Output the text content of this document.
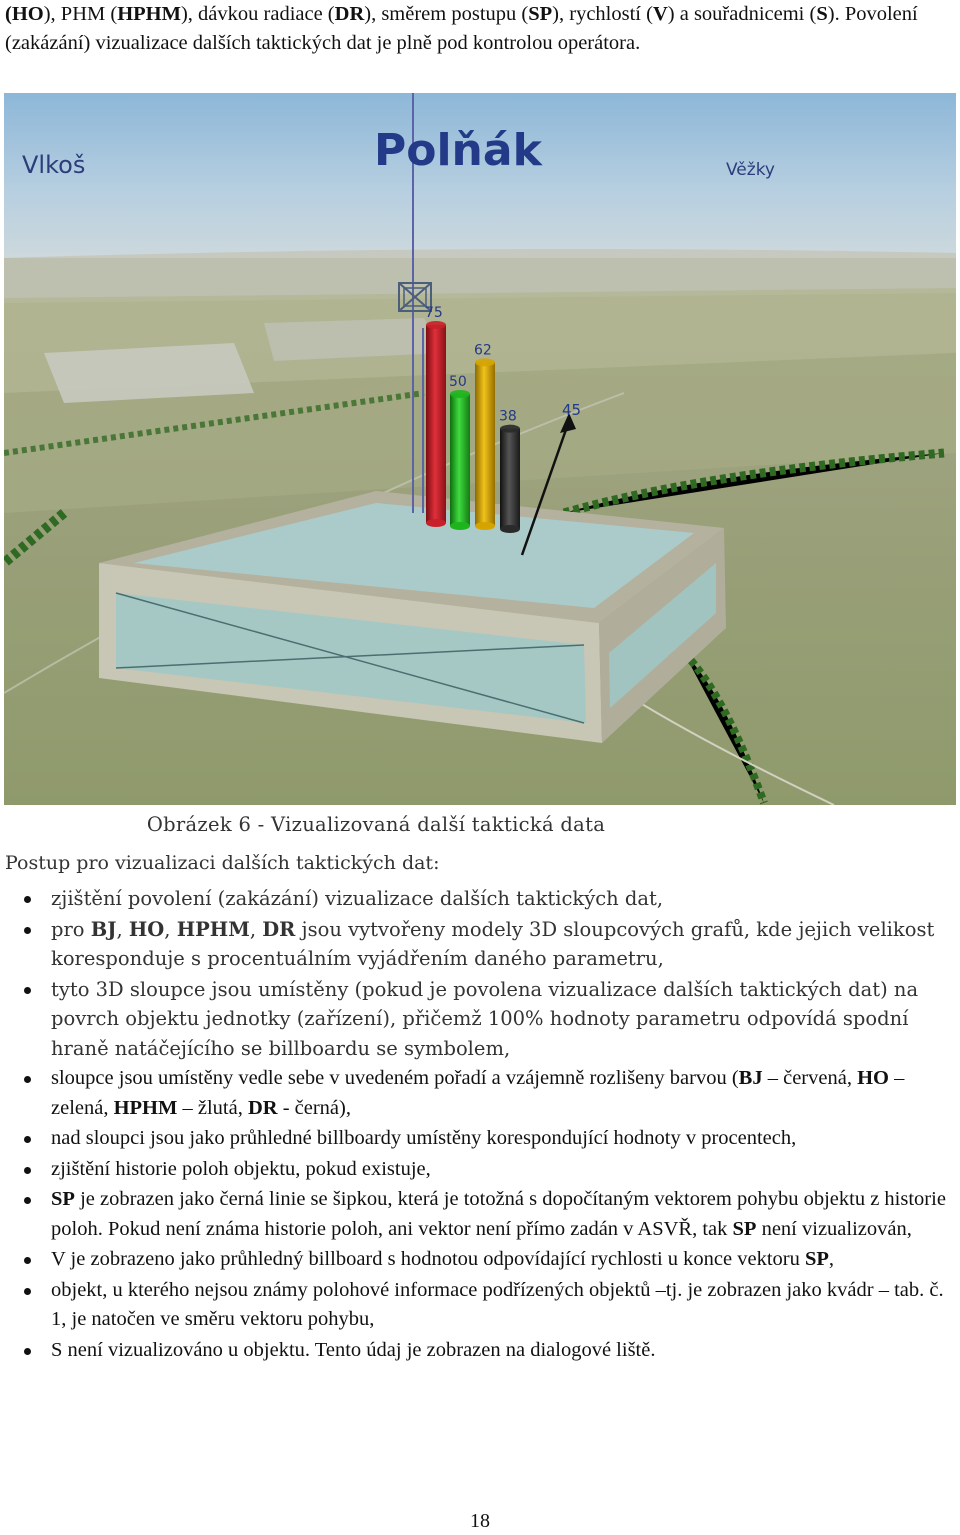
(HO), PHM (HPHM), dávkou radiace (DR), směrem postupu (SP), rychlostí (V) a souřadnicemi (S). Povolení (zakázání) vizualizace dalších taktických dat je plně pod kontrolou operátora.

75
50
62
38
Polňák
Vlkoš	Věžky
45

Obrázek 6 - Vizualizovaná další taktická data

Postup pro vizualizaci dalších taktických dat:

zjištění povolení (zakázání) vizualizace dalších taktických dat,
pro BJ, HO, HPHM, DR jsou vytvořeny modely 3D sloupcových grafů, kde jejich velikost koresponduje s procentuálním vyjádřením daného parametru,
tyto 3D sloupce jsou umístěny (pokud je povolena vizualizace dalších taktických dat) na povrch objektu jednotky (zařízení), přičemž 100% hodnoty parametru odpovídá spodní hraně natáčejícího se billboardu se symbolem,
sloupce jsou umístěny vedle sebe v uvedeném pořadí a vzájemně rozlišeny barvou (BJ – červená, HO – zelená, HPHM – žlutá, DR - černá),
nad sloupci jsou jako průhledné billboardy umístěny korespondující hodnoty v procentech,
zjištění historie poloh objektu, pokud existuje,
SP je zobrazen jako černá linie se šipkou, která je totožná s dopočítaným vektorem pohybu objektu z historie poloh. Pokud není známa historie poloh, ani vektor není přímo zadán v ASVŘ, tak SP není vizualizován,
V je zobrazeno jako průhledný billboard s hodnotou odpovídající rychlosti u konce vektoru SP,
objekt, u kterého nejsou známy polohové informace podřízených objektů –tj. je zobrazen jako kvádr – tab. č. 1, je natočen ve směru vektoru pohybu,
S není vizualizováno u objektu. Tento údaj je zobrazen na dialogové liště.

18
